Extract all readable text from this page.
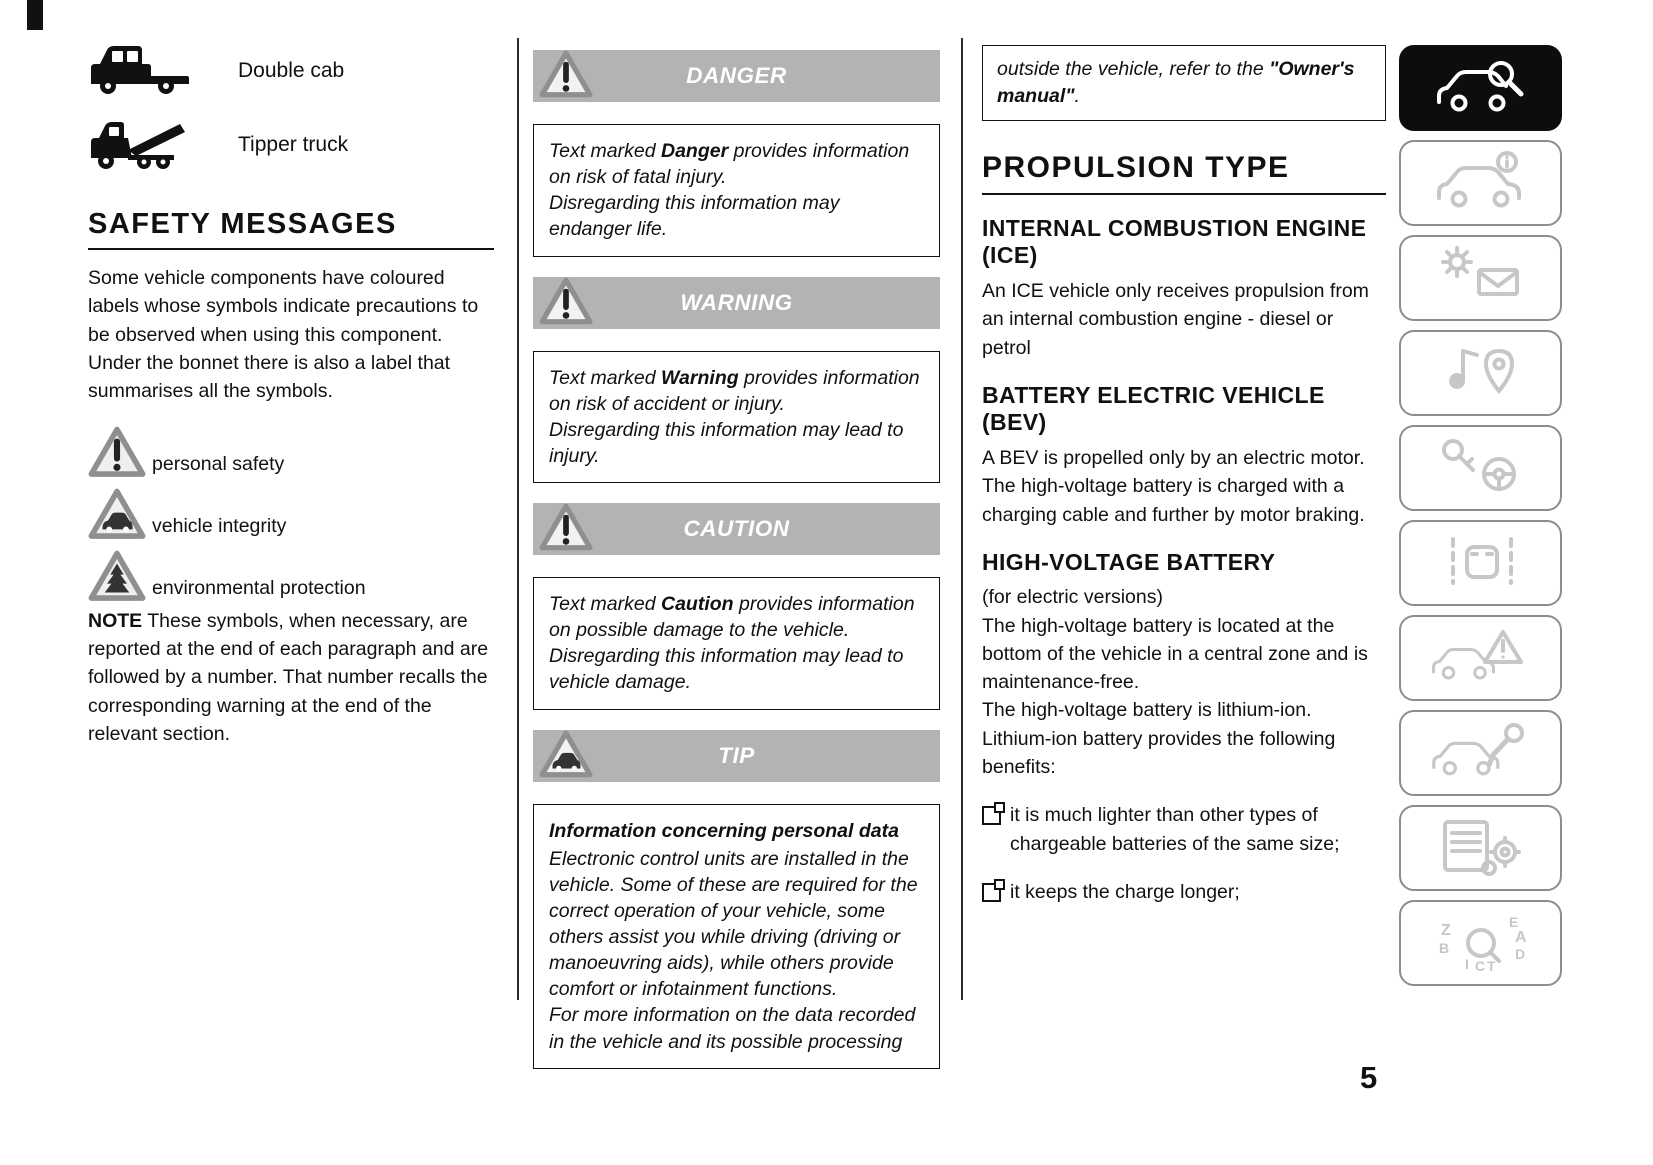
Double cab
Tipper truck
SAFETY MESSAGES

Some vehicle components have coloured labels whose symbols indicate precautions to be observed when using this component. Under the bonnet there is also a label that summarises all the symbols.

personal safety
vehicle integrity
environmental protection

NOTE These symbols, when necessary, are reported at the end of each paragraph and are followed by a number. That number recalls the corresponding warning at the end of the relevant section.

DANGER
Text marked Danger provides information on risk of fatal injury.
Disregarding this information may endanger life.
WARNING
Text marked Warning provides information on risk of accident or injury.
Disregarding this information may lead to injury.
CAUTION
Text marked Caution provides information on possible damage to the vehicle.
Disregarding this information may lead to vehicle damage.
TIP
Information concerning personal data
Electronic control units are installed in the vehicle. Some of these are required for the correct operation of your vehicle, some others assist you while driving (driving or manoeuvring aids), while others provide comfort or infotainment functions.
For more information on the data recorded in the vehicle and its possible processing
outside the vehicle, refer to the "Owner's manual".
PROPULSION TYPE
INTERNAL COMBUSTION ENGINE (ICE)
An ICE vehicle only receives propulsion from an internal combustion engine - diesel or petrol
BATTERY ELECTRIC VEHICLE (BEV)
A BEV is propelled only by an electric motor.
The high-voltage battery is charged with a charging cable and further by motor braking.
HIGH-VOLTAGE BATTERY
(for electric versions)
The high-voltage battery is located at the bottom of the vehicle in a central zone and is maintenance-free.
The high-voltage battery is lithium-ion.
Lithium-ion battery provides the following benefits:
it is much lighter than other types of chargeable batteries of the same size;
it keeps the charge longer;
Z
B
E
A
D
I C T
5
